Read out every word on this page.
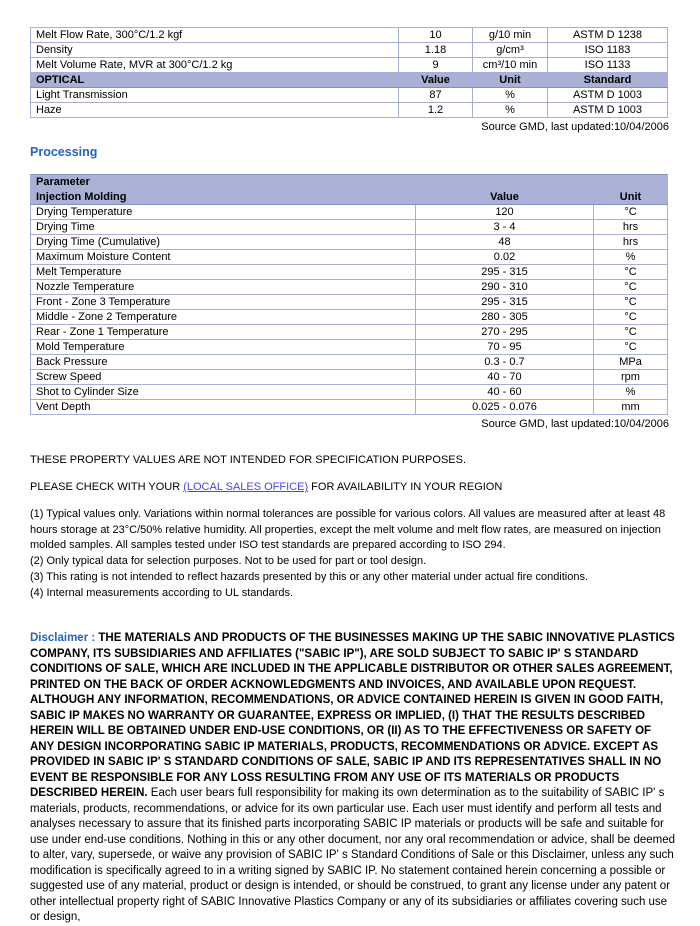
Melt Flow Rate, 300°C/1.2 kgf	10	g/10 min	ASTM D 1238
Density	1.18	g/cm³	ISO 1183
Melt Volume Rate, MVR at 300°C/1.2 kg	9	cm³/10 min	ISO 1133
OPTICAL	Value	Unit	Standard
Light Transmission	87	%	ASTM D 1003
Haze	1.2	%	ASTM D 1003
Source GMD, last updated:10/04/2006
Processing
Parameter		
Injection Molding	Value	Unit
Drying Temperature	120	°C
Drying Time	3 - 4	hrs
Drying Time (Cumulative)	48	hrs
Maximum Moisture Content	0.02	%
Melt Temperature	295 - 315	°C
Nozzle Temperature	290 - 310	°C
Front - Zone 3 Temperature	295 - 315	°C
Middle - Zone 2 Temperature	280 - 305	°C
Rear - Zone 1 Temperature	270 - 295	°C
Mold Temperature	70 - 95	°C
Back Pressure	0.3 - 0.7	MPa
Screw Speed	40 - 70	rpm
Shot to Cylinder Size	40 - 60	%
Vent Depth	0.025 - 0.076	mm
Source GMD, last updated:10/04/2006
THESE PROPERTY VALUES ARE NOT INTENDED FOR SPECIFICATION PURPOSES.
PLEASE CHECK WITH YOUR (LOCAL SALES OFFICE) FOR AVAILABILITY IN YOUR REGION
(1) Typical values only. Variations within normal tolerances are possible for various colors. All values are measured after at least 48 hours storage at 23°C/50% relative humidity. All properties, except the melt volume and melt flow rates, are measured on injection molded samples. All samples tested under ISO test standards are prepared according to ISO 294.
(2) Only typical data for selection purposes. Not to be used for part or tool design.
(3) This rating is not intended to reflect hazards presented by this or any other material under actual fire conditions.
(4) Internal measurements according to UL standards.
Disclaimer : THE MATERIALS AND PRODUCTS OF THE BUSINESSES MAKING UP THE SABIC INNOVATIVE PLASTICS COMPANY, ITS SUBSIDIARIES AND AFFILIATES ("SABIC IP"), ARE SOLD SUBJECT TO SABIC IP' S STANDARD CONDITIONS OF SALE, WHICH ARE INCLUDED IN THE APPLICABLE DISTRIBUTOR OR OTHER SALES AGREEMENT, PRINTED ON THE BACK OF ORDER ACKNOWLEDGMENTS AND INVOICES, AND AVAILABLE UPON REQUEST. ALTHOUGH ANY INFORMATION, RECOMMENDATIONS, OR ADVICE CONTAINED HEREIN IS GIVEN IN GOOD FAITH, SABIC IP MAKES NO WARRANTY OR GUARANTEE, EXPRESS OR IMPLIED, (I) THAT THE RESULTS DESCRIBED HEREIN WILL BE OBTAINED UNDER END-USE CONDITIONS, OR (II) AS TO THE EFFECTIVENESS OR SAFETY OF ANY DESIGN INCORPORATING SABIC IP MATERIALS, PRODUCTS, RECOMMENDATIONS OR ADVICE. EXCEPT AS PROVIDED IN SABIC IP' S STANDARD CONDITIONS OF SALE, SABIC IP AND ITS REPRESENTATIVES SHALL IN NO EVENT BE RESPONSIBLE FOR ANY LOSS RESULTING FROM ANY USE OF ITS MATERIALS OR PRODUCTS DESCRIBED HEREIN. Each user bears full responsibility for making its own determination as to the suitability of SABIC IP' s materials, products, recommendations, or advice for its own particular use. Each user must identify and perform all tests and analyses necessary to assure that its finished parts incorporating SABIC IP materials or products will be safe and suitable for use under end-use conditions. Nothing in this or any other document, nor any oral recommendation or advice, shall be deemed to alter, vary, supersede, or waive any provision of SABIC IP' s Standard Conditions of Sale or this Disclaimer, unless any such modification is specifically agreed to in a writing signed by SABIC IP. No statement contained herein concerning a possible or suggested use of any material, product or design is intended, or should be construed, to grant any license under any patent or other intellectual property right of SABIC Innovative Plastics Company or any of its subsidiaries or affiliates covering such use or design,
